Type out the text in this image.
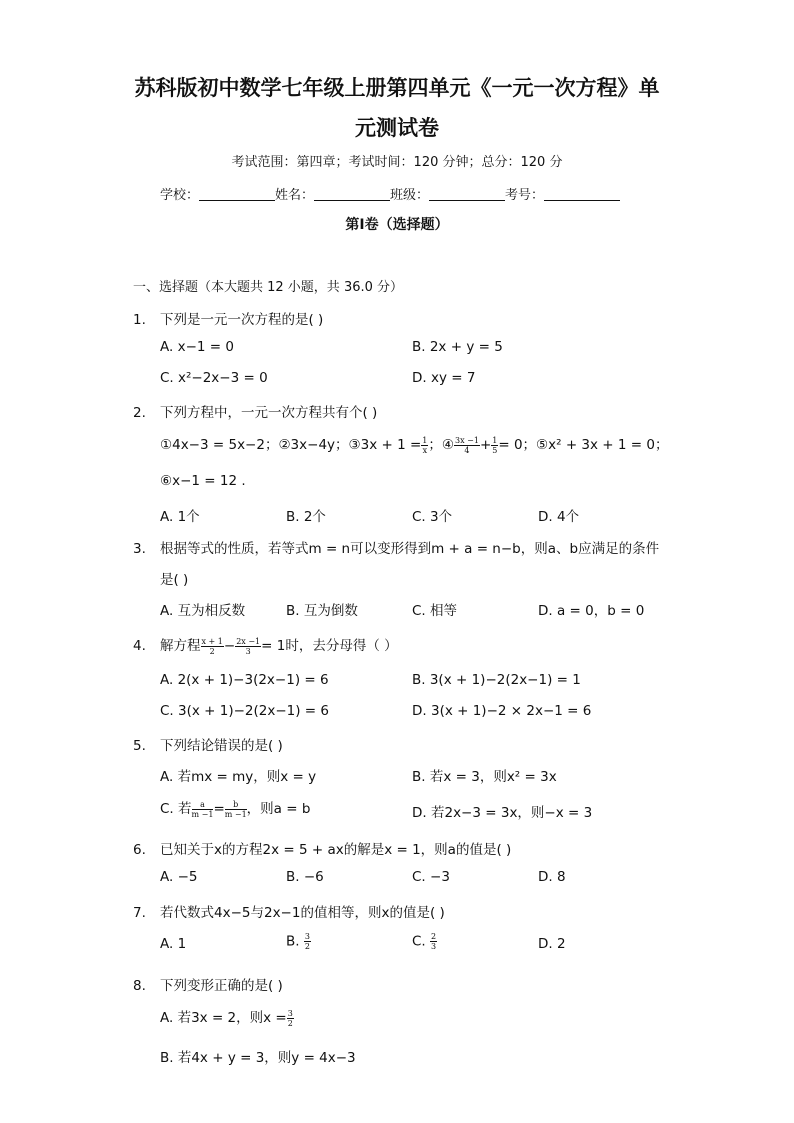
苏科版初中数学七年级上册第四单元《一元一次方程》单
元测试卷
考试范围：第四章；考试时间：120 分钟；总分：120 分
学校：	姓名：	班级：	考号：
第Ⅰ卷（选择题）
一、选择题（本大题共 12 小题，共 36.0 分）
1. 下列是一元一次方程的是( )
A. x−1 = 0	B. 2x + y = 5
C. x²−2x−3 = 0	D. xy = 7
2. 下列方程中，一元一次方程共有个( )
①4x−3 = 5x−2；②3x−4y；③3x + $1 = \frac{1}{x}$ ；④ $\frac{3x -1}{4} + \frac{1}{5} = 0$；⑤x² + 3x + 1 = 0；
⑥x−1 = 12 .
A. 1个	B. 2个	C. 3个	D. 4个
3. 根据等式的性质，若等式m = n可以变形得到m + a = n−b，则a、b应满足的条件
是( )
A. 互为相反数	B. 互为倒数	C. 相等	D. a = 0，b = 0
4. 解方程 $\frac{x + 1}{2} - \frac{2x -1}{3} = 1$时，去分母得（ ）
A. 2(x + 1)−3(2x−1) = 6	B. 3(x + 1)−2(2x−1) = 1
C. 3(x + 1)−2(2x−1) = 6	D. 3(x + 1)−2 × 2x−1 = 6
5. 下列结论错误的是( )
A. 若mx = my，则x = y	B. 若x = 3，则x² = 3x
C. 若 $\frac{a}{m -1} = \frac{b}{m -1}$ ，则a = b	D. 若2x−3 = 3x，则−x = 3
6. 已知关于x的方程2x = 5 + ax的解是x = 1，则a的值是( )
A. −5	B. −6	C. −3	D. 8
7. 若代数式4x−5与2x−1的值相等，则x的值是( )
A. 1	B. $\frac{3}{2}$	C. $\frac{2}{3}$	D. 2
8. 下列变形正确的是( )
A. 若3x = 2，则$x = \frac{3}{2}$
B. 若4x + y = 3，则y = 4x−3
